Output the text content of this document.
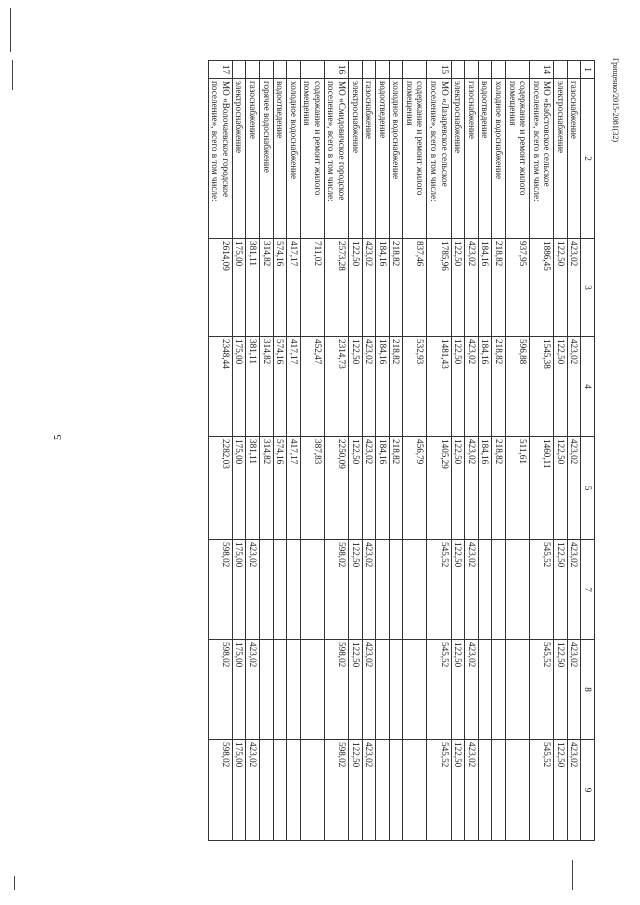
5
Грищенко/2015-2081(32)
1	2	3	4	5	7	8	9
	газоснабжение	423,02	423,02	423,02	423,02	423,02	423,02
	электроснабжение	122,50	122,50	122,50	122,50	122,50	122,50
14	МО «Бабстовское сельское поселение», всего в том числе:	1886,45	1545,38	1460,11	545,52	545,52	545,52
	содержание и ремонт жилого помещения	937,95	596,88	511,61			
	холодное водоснабжение	218,82	218,82	218,82			
	водоотведение	184,16	184,16	184,16			
	газоснабжение	423,02	423,02	423,02	423,02	423,02	423,02
	электроснабжение	122,50	122,50	122,50	122,50	122,50	122,50
15	МО «Лазаревское сельское поселение», всего в том числе:	1785,96	1481,43	1405,29	545,52	545,52	545,52
	содержание и ремонт жилого помещения	837,46	532,93	456,79			
	холодное водоснабжение	218,82	218,82	218,82			
	водоотведение	184,16	184,16	184,16			
	газоснабжение	423,02	423,02	423,02	423,02	423,02	423,02
	электроснабжение	122,50	122,50	122,50	122,50	122,50	122,50
16	МО «Смидовичское городское поселение», всего в том числе:	2573,28	2314,73	2250,09	598,02	598,02	598,02
	содержание и ремонт жилого помещения	711,02	452,47	387,83			
	холодное водоснабжение	417,17	417,17	417,17			
	водоотведение	574,16	574,16	574,16			
	горячее водоснабжение	314,82	314,82	314,82			
	газоснабжение	381,11	381,11	381,11	423,02	423,02	423,02
	электроснабжение	175,00	175,00	175,00	175,00	175,00	175,00
17	МО «Волочаевское городское поселение», всего в том числе:	2614,09	2348,44	2282,03	598,02	598,02	598,02
